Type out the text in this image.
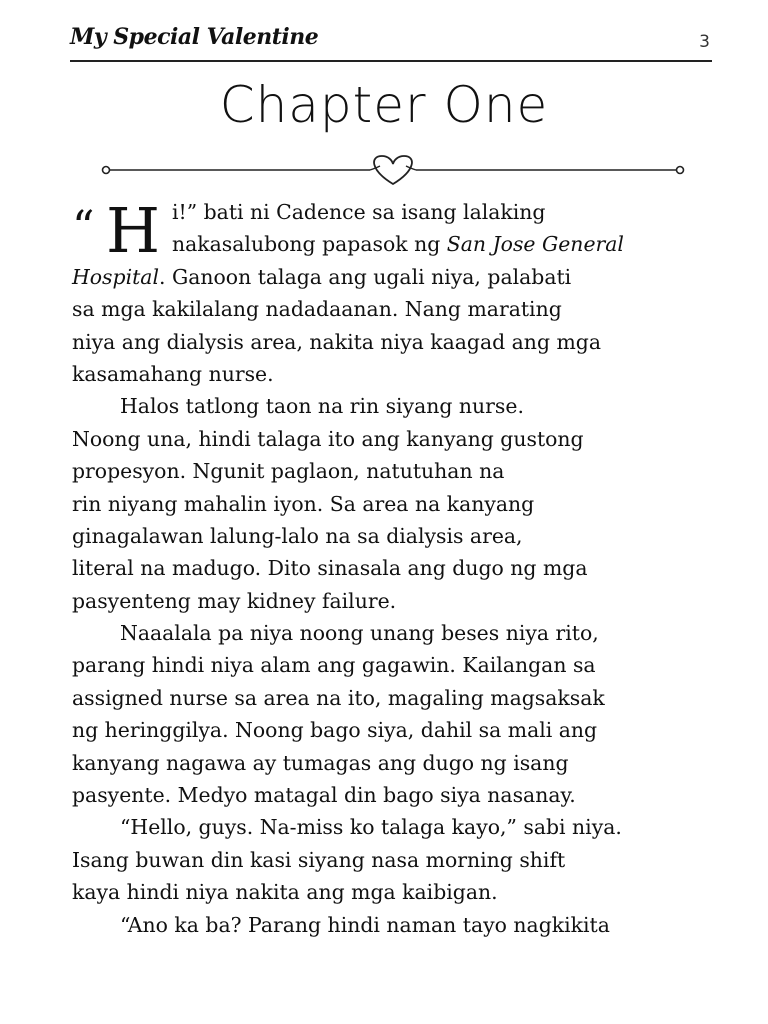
My Special Valentine	3
Chapter One
“ H i!” bati ni Cadence sa isang lalaking
nakasalubong papasok ng San Jose General
Hospital. Ganoon talaga ang ugali niya, palabati
sa mga kakilalang nadadaanan. Nang marating
niya ang dialysis area, nakita niya kaagad ang mga
kasamahang nurse.
Halos tatlong taon na rin siyang nurse.
Noong una, hindi talaga ito ang kanyang gustong
propesyon. Ngunit paglaon, natutuhan na
rin niyang mahalin iyon. Sa area na kanyang
ginagalawan lalung-lalo na sa dialysis area,
literal na madugo. Dito sinasala ang dugo ng mga
pasyenteng may kidney failure.
Naaalala pa niya noong unang beses niya rito,
parang hindi niya alam ang gagawin. Kailangan sa
assigned nurse sa area na ito, magaling magsaksak
ng heringgilya. Noong bago siya, dahil sa mali ang
kanyang nagawa ay tumagas ang dugo ng isang
pasyente. Medyo matagal din bago siya nasanay.
“Hello, guys. Na-miss ko talaga kayo,” sabi niya.
Isang buwan din kasi siyang nasa morning shift
kaya hindi niya nakita ang mga kaibigan.
“Ano ka ba? Parang hindi naman tayo nagkikita
